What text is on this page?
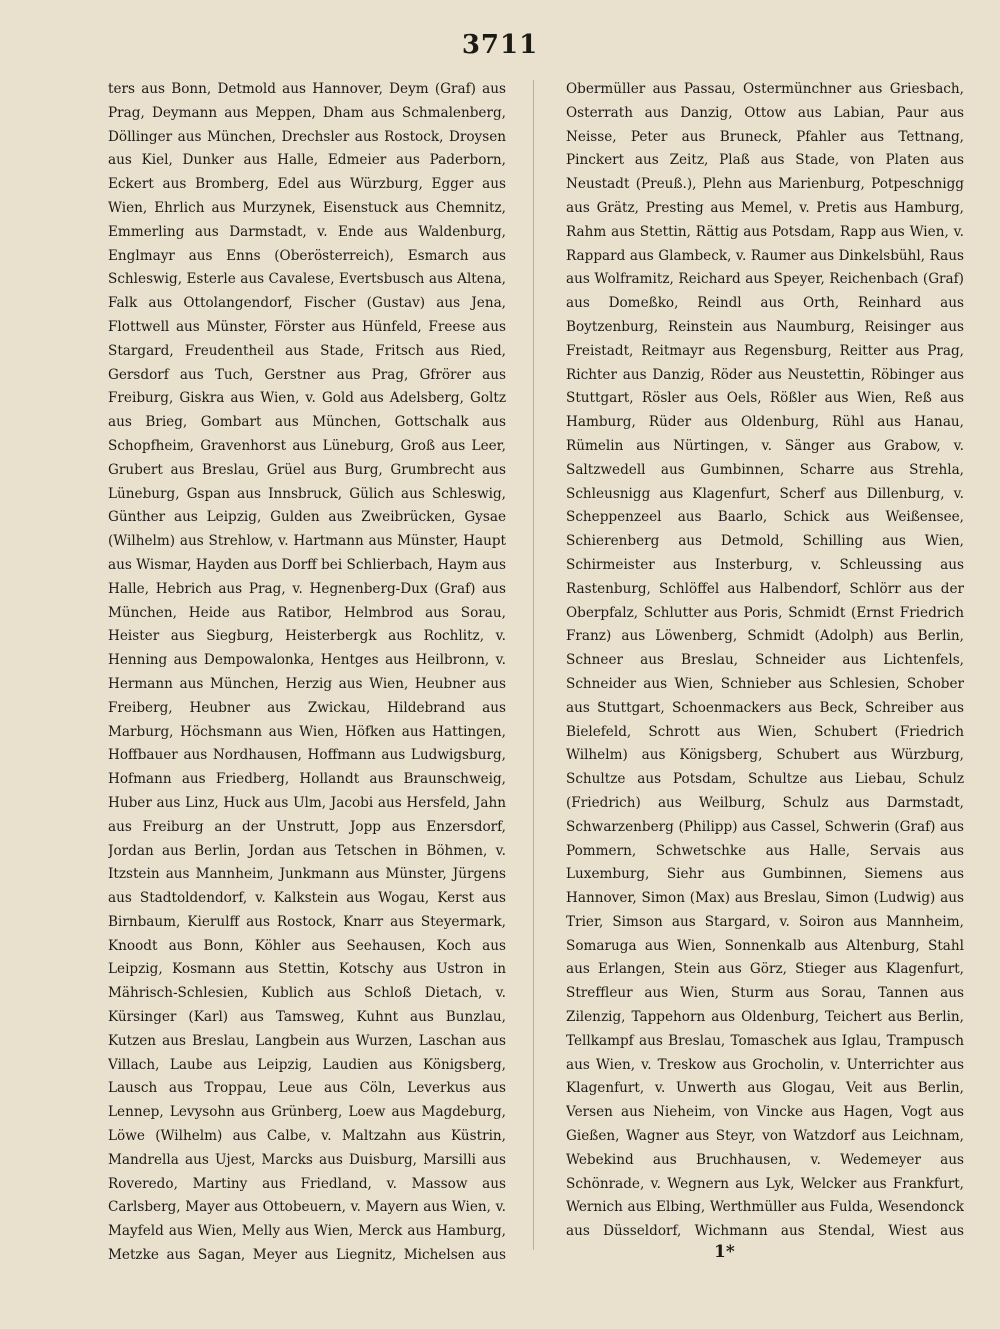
3711
ters aus Bonn, Detmold aus Hannover, Deym (Graf) aus Prag, Deymann aus Meppen, Dham aus Schmalenberg, Döllinger aus München, Drechsler aus Rostock, Droysen aus Kiel, Dunker aus Halle, Edmeier aus Paderborn, Eckert aus Bromberg, Edel aus Würzburg, Egger aus Wien, Ehrlich aus Murzynek, Eisenstuck aus Chemnitz, Emmerling aus Darmstadt, v. Ende aus Waldenburg, Englmayr aus Enns (Oberösterreich), Esmarch aus Schleswig, Esterle aus Cavalese, Evertsbusch aus Altena, Falk aus Ottolangendorf, Fischer (Gustav) aus Jena, Flottwell aus Münster, Förster aus Hünfeld, Freese aus Stargard, Freudentheil aus Stade, Fritsch aus Ried, Gersdorf aus Tuch, Gerstner aus Prag, Gfrörer aus Freiburg, Giskra aus Wien, v. Gold aus Adelsberg, Goltz aus Brieg, Gombart aus München, Gottschalk aus Schopfheim, Gravenhorst aus Lüneburg, Groß aus Leer, Grubert aus Breslau, Grüel aus Burg, Grumbrecht aus Lüneburg, Gspan aus Innsbruck, Gülich aus Schleswig, Günther aus Leipzig, Gulden aus Zweibrücken, Gysae (Wilhelm) aus Strehlow, v. Hartmann aus Münster, Haupt aus Wismar, Hayden aus Dorff bei Schlierbach, Haym aus Halle, Hebrich aus Prag, v. Hegnenberg-Dux (Graf) aus München, Heide aus Ratibor, Helmbrod aus Sorau, Heister aus Siegburg, Heisterbergk aus Rochlitz, v. Henning aus Dempowalonka, Hentges aus Heilbronn, v. Hermann aus München, Herzig aus Wien, Heubner aus Freiberg, Heubner aus Zwickau, Hildebrand aus Marburg, Höchsmann aus Wien, Höfken aus Hattingen, Hoffbauer aus Nordhausen, Hoffmann aus Ludwigsburg, Hofmann aus Friedberg, Hollandt aus Braunschweig, Huber aus Linz, Huck aus Ulm, Jacobi aus Hersfeld, Jahn aus Freiburg an der Unstrutt, Jopp aus Enzersdorf, Jordan aus Berlin, Jordan aus Tetschen in Böhmen, v. Itzstein aus Mannheim, Junkmann aus Münster, Jürgens aus Stadtoldendorf, v. Kalkstein aus Wogau, Kerst aus Birnbaum, Kierulff aus Rostock, Knarr aus Steyermark, Knoodt aus Bonn, Köhler aus Seehausen, Koch aus Leipzig, Kosmann aus Stettin, Kotschy aus Ustron in Mährisch-Schlesien, Kublich aus Schloß Dietach, v. Kürsinger (Karl) aus Tamsweg, Kuhnt aus Bunzlau, Kutzen aus Breslau, Langbein aus Wurzen, Laschan aus Villach, Laube aus Leipzig, Laudien aus Königsberg, Lausch aus Troppau, Leue aus Cöln, Leverkus aus Lennep, Levysohn aus Grünberg, Loew aus Magdeburg, Löwe (Wilhelm) aus Calbe, v. Maltzahn aus Küstrin, Mandrella aus Ujest, Marcks aus Duisburg, Marsilli aus Roveredo, Martiny aus Friedland, v. Massow aus Carlsberg, Mayer aus Ottobeuern, v. Mayern aus Wien, v. Mayfeld aus Wien, Melly aus Wien, Merck aus Hamburg, Metzke aus Sagan, Meyer aus Liegnitz, Michelsen aus
Obermüller aus Passau, Ostermünchner aus Griesbach, Osterrath aus Danzig, Ottow aus Labian, Paur aus Neisse, Peter aus Bruneck, Pfahler aus Tettnang, Pinckert aus Zeitz, Plaß aus Stade, von Platen aus Neustadt (Preuß.), Plehn aus Marienburg, Potpeschnigg aus Grätz, Presting aus Memel, v. Pretis aus Hamburg, Rahm aus Stettin, Rättig aus Potsdam, Rapp aus Wien, v. Rappard aus Glambeck, v. Raumer aus Dinkelsbühl, Raus aus Wolframitz, Reichard aus Speyer, Reichenbach (Graf) aus Domeßko, Reindl aus Orth, Reinhard aus Boytzenburg, Reinstein aus Naumburg, Reisinger aus Freistadt, Reitmayr aus Regensburg, Reitter aus Prag, Richter aus Danzig, Röder aus Neustettin, Röbinger aus Stuttgart, Rösler aus Oels, Rößler aus Wien, Reß aus Hamburg, Rüder aus Oldenburg, Rühl aus Hanau, Rümelin aus Nürtingen, v. Sänger aus Grabow, v. Saltzwedell aus Gumbinnen, Scharre aus Strehla, Schleusnigg aus Klagenfurt, Scherf aus Dillenburg, v. Scheppenzeel aus Baarlo, Schick aus Weißensee, Schierenberg aus Detmold, Schilling aus Wien, Schirmeister aus Insterburg, v. Schleussing aus Rastenburg, Schlöffel aus Halbendorf, Schlörr aus der Oberpfalz, Schlutter aus Poris, Schmidt (Ernst Friedrich Franz) aus Löwenberg, Schmidt (Adolph) aus Berlin, Schneer aus Breslau, Schneider aus Lichtenfels, Schneider aus Wien, Schnieber aus Schlesien, Schober aus Stuttgart, Schoenmackers aus Beck, Schreiber aus Bielefeld, Schrott aus Wien, Schubert (Friedrich Wilhelm) aus Königsberg, Schubert aus Würzburg, Schultze aus Potsdam, Schultze aus Liebau, Schulz (Friedrich) aus Weilburg, Schulz aus Darmstadt, Schwarzenberg (Philipp) aus Cassel, Schwerin (Graf) aus Pommern, Schwetschke aus Halle, Servais aus Luxemburg, Siehr aus Gumbinnen, Siemens aus Hannover, Simon (Max) aus Breslau, Simon (Ludwig) aus Trier, Simson aus Stargard, v. Soiron aus Mannheim, Somaruga aus Wien, Sonnenkalb aus Altenburg, Stahl aus Erlangen, Stein aus Görz, Stieger aus Klagenfurt, Streffleur aus Wien, Sturm aus Sorau, Tannen aus Zilenzig, Tappehorn aus Oldenburg, Teichert aus Berlin, Tellkampf aus Breslau, Tomaschek aus Iglau, Trampusch aus Wien, v. Treskow aus Grocholin, v. Unterrichter aus Klagenfurt, v. Unwerth aus Glogau, Veit aus Berlin, Versen aus Nieheim, von Vincke aus Hagen, Vogt aus Gießen, Wagner aus Steyr, von Watzdorf aus Leichnam, Webekind aus Bruchhausen, v. Wedemeyer aus Schönrade, v. Wegnern aus Lyk, Welcker aus Frankfurt, Wernich aus Elbing, Werthmüller aus Fulda, Wesendonck aus Düsseldorf, Wichmann aus Stendal, Wiest aus
1*
